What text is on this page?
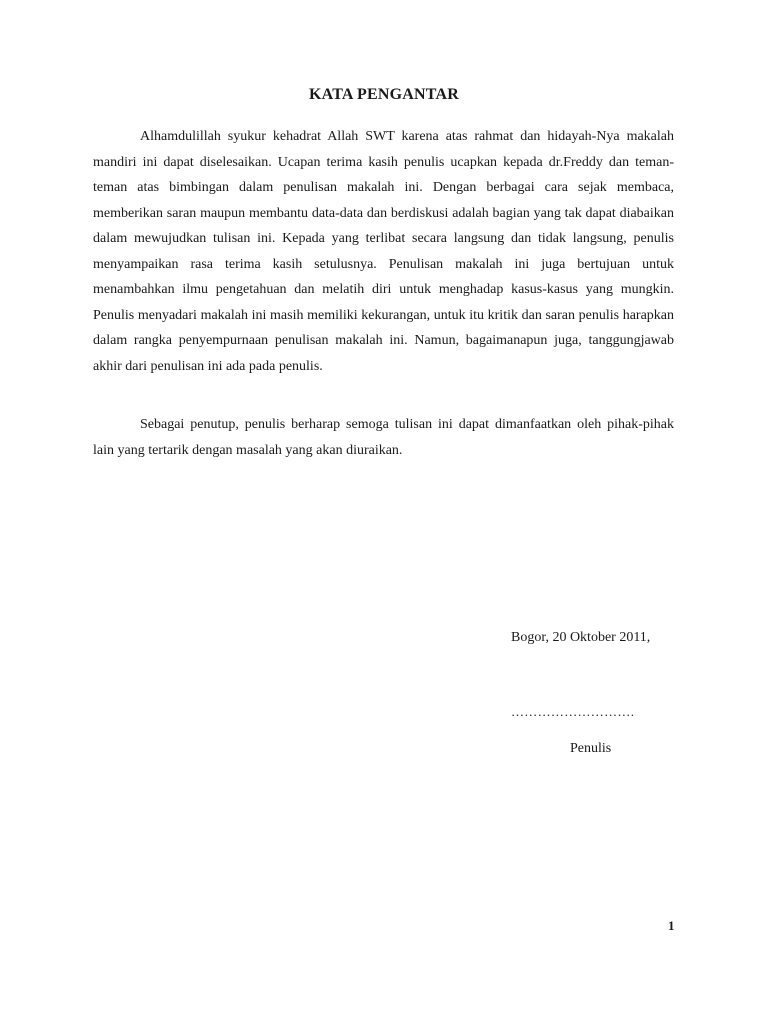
KATA PENGANTAR

Alhamdulillah syukur kehadrat Allah SWT karena atas rahmat dan hidayah-Nya makalah mandiri ini dapat diselesaikan. Ucapan terima kasih penulis ucapkan kepada dr.Freddy dan teman-teman atas bimbingan dalam penulisan makalah ini. Dengan berbagai cara sejak membaca, memberikan saran maupun membantu data-data dan berdiskusi adalah bagian yang tak dapat diabaikan dalam mewujudkan tulisan ini. Kepada yang terlibat secara langsung dan tidak langsung, penulis menyampaikan rasa terima kasih setulusnya. Penulisan makalah ini juga bertujuan untuk menambahkan ilmu pengetahuan dan melatih diri untuk menghadap kasus-kasus yang mungkin. Penulis menyadari makalah ini masih memiliki kekurangan, untuk itu kritik dan saran penulis harapkan dalam rangka penyempurnaan penulisan makalah ini. Namun, bagaimanapun juga, tanggungjawab akhir dari penulisan ini ada pada penulis.

Sebagai penutup, penulis berharap semoga tulisan ini dapat dimanfaatkan oleh pihak-pihak lain yang tertarik dengan masalah yang akan diuraikan.

Bogor, 20 Oktober 2011,

……………………….

Penulis

1
